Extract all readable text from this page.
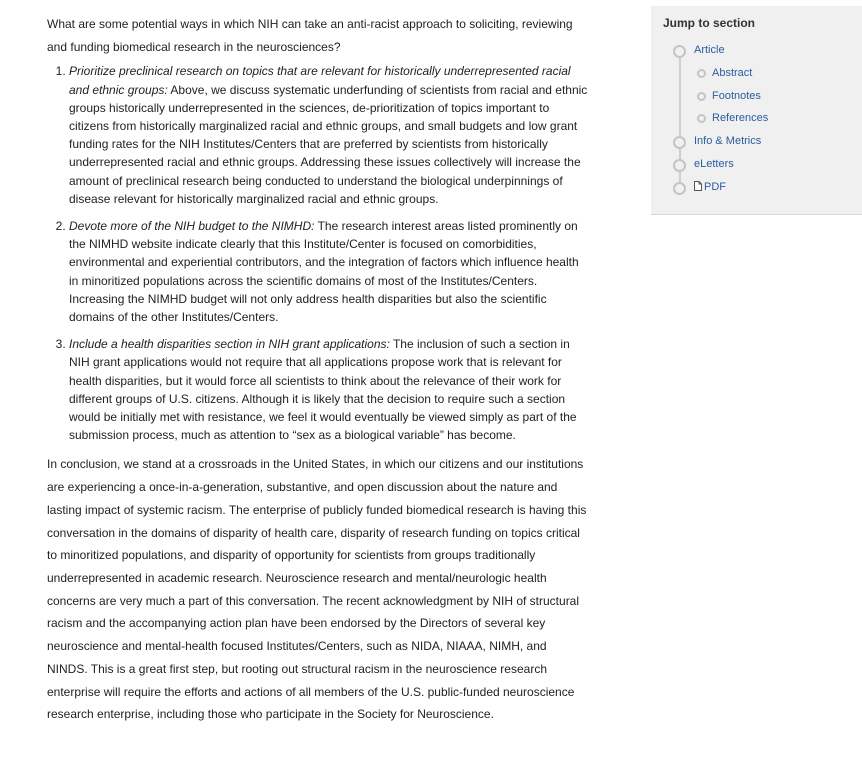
What are some potential ways in which NIH can take an anti-racist approach to soliciting, reviewing and funding biomedical research in the neurosciences?

1. Prioritize preclinical research on topics that are relevant for historically underrepresented racial and ethnic groups: Above, we discuss systematic underfunding of scientists from racial and ethnic groups historically underrepresented in the sciences, de-prioritization of topics important to citizens from historically marginalized racial and ethnic groups, and small budgets and low grant funding rates for the NIH Institutes/Centers that are preferred by scientists from historically underrepresented racial and ethnic groups. Addressing these issues collectively will increase the amount of preclinical research being conducted to understand the biological underpinnings of disease relevant for historically marginalized racial and ethnic groups.
2. Devote more of the NIH budget to the NIMHD: The research interest areas listed prominently on the NIMHD website indicate clearly that this Institute/Center is focused on comorbidities, environmental and experiential contributors, and the integration of factors which influence health in minoritized populations across the scientific domains of most of the Institutes/Centers. Increasing the NIMHD budget will not only address health disparities but also the scientific domains of the other Institutes/Centers.
3. Include a health disparities section in NIH grant applications: The inclusion of such a section in NIH grant applications would not require that all applications propose work that is relevant for health disparities, but it would force all scientists to think about the relevance of their work for different groups of U.S. citizens. Although it is likely that the decision to require such a section would be initially met with resistance, we feel it would eventually be viewed simply as part of the submission process, much as attention to “sex as a biological variable” has become.

In conclusion, we stand at a crossroads in the United States, in which our citizens and our institutions are experiencing a once-in-a-generation, substantive, and open discussion about the nature and lasting impact of systemic racism. The enterprise of publicly funded biomedical research is having this conversation in the domains of disparity of health care, disparity of research funding on topics critical to minoritized populations, and disparity of opportunity for scientists from groups traditionally underrepresented in academic research. Neuroscience research and mental/neurologic health concerns are very much a part of this conversation. The recent acknowledgment by NIH of structural racism and the accompanying action plan have been endorsed by the Directors of several key neuroscience and mental-health focused Institutes/Centers, such as NIDA, NIAAA, NIMH, and NINDS. This is a great first step, but rooting out structural racism in the neuroscience research enterprise will require the efforts and actions of all members of the U.S. public-funded neuroscience research enterprise, including those who participate in the Society for Neuroscience.

Jump to section
Article
Abstract
Footnotes
References
Info & Metrics
eLetters
PDF
